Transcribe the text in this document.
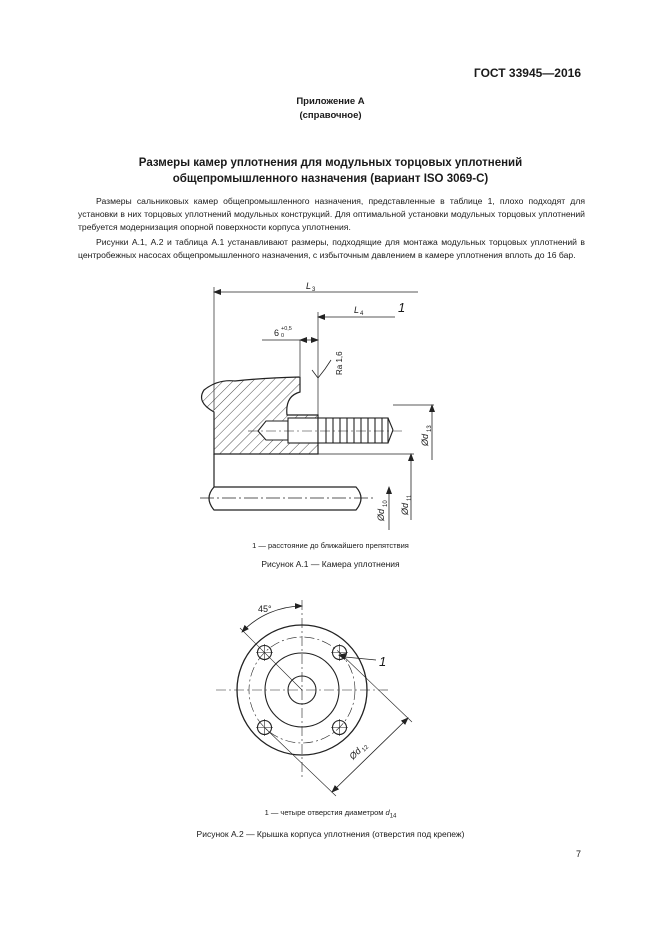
ГОСТ 33945—2016
Приложение А
(справочное)
Размеры камер уплотнения для модульных торцовых уплотнений
общепромышленного назначения (вариант ISO 3069-С)

Размеры сальниковых камер общепромышленного назначения, представленные в таблице 1, плохо подходят для установки в них торцовых уплотнений модульных конструкций. Для оптимальной установки модульных торцовых уплотнений требуется модернизация опорной поверхности корпуса уплотнения.

Рисунки А.1, А.2 и таблица А.1 устанавливают размеры, подходящие для монтажа модульных торцовых уплотнений в центробежных насосах общепромышленного назначения, с избыточным давлением в камере уплотнения вплоть до 16 бар.

L 3
L 4	1
6 +0,5
0
Ra 1,6
Ød
13
Ød
11
Ød
10
45°
1
Ød
12
1 — расстояние до ближайшего препятствия
Рисунок А.1 — Камера уплотнения
1 — четыре отверстия диаметром $d_{14}$
Рисунок А.2 — Крышка корпуса уплотнения (отверстия под крепеж)
7
